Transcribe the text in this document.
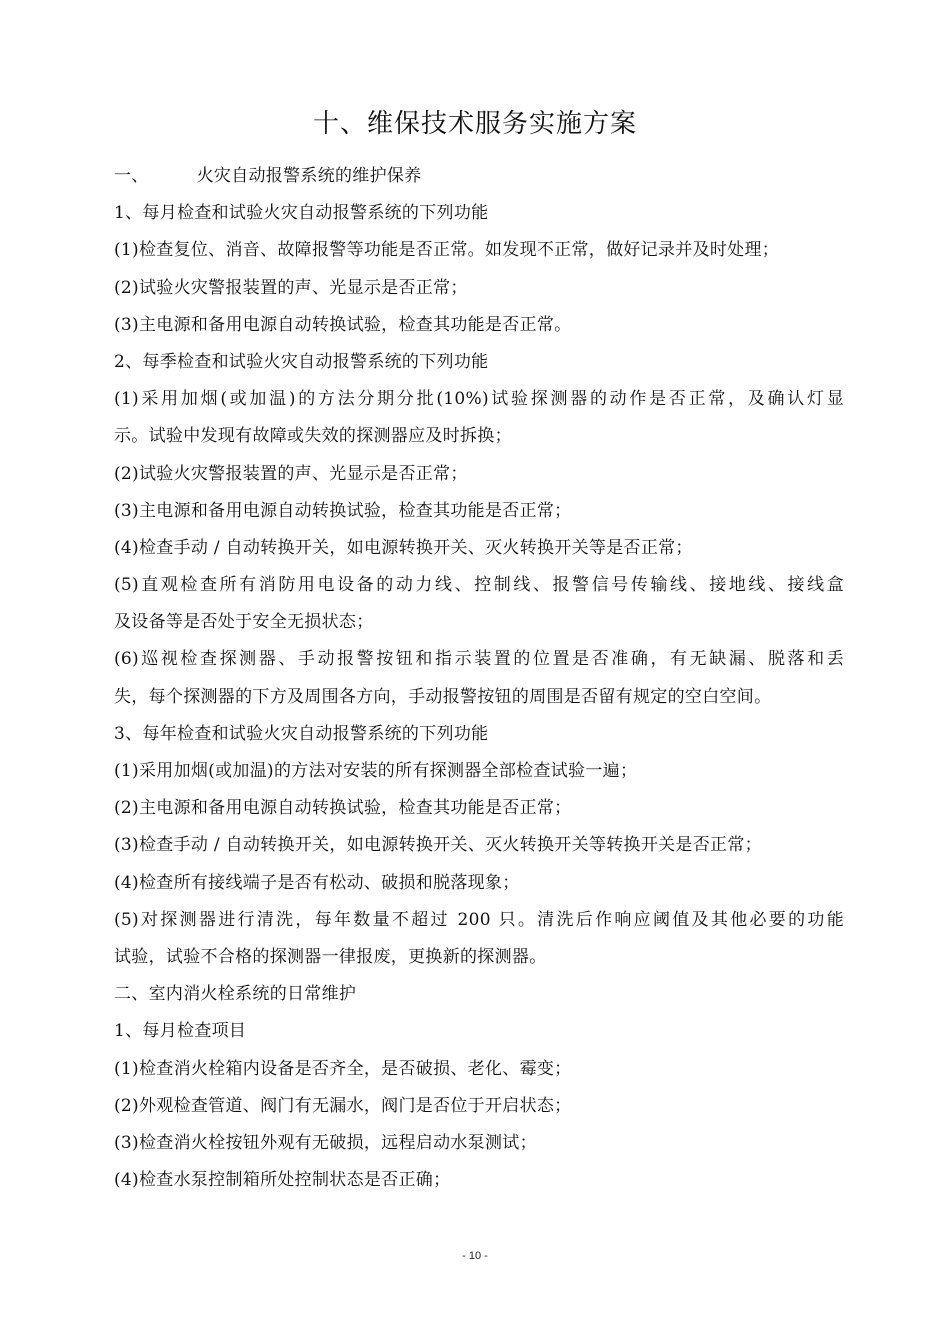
十、维保技术服务实施方案
一、	火灾自动报警系统的维护保养
1、每月检查和试验火灾自动报警系统的下列功能
(1)检查复位、消音、故障报警等功能是否正常。如发现不正常，做好记录并及时处理；
(2)试验火灾警报装置的声、光显示是否正常；
(3)主电源和备用电源自动转换试验，检查其功能是否正常。
2、每季检查和试验火灾自动报警系统的下列功能
(1)采用加烟(或加温)的方法分期分批(10%)试验探测器的动作是否正常，及确认灯显
示。试验中发现有故障或失效的探测器应及时拆换；
(2)试验火灾警报装置的声、光显示是否正常；
(3)主电源和备用电源自动转换试验，检查其功能是否正常；
(4)检查手动 / 自动转换开关，如电源转换开关、灭火转换开关等是否正常；
(5)直观检查所有消防用电设备的动力线、控制线、报警信号传输线、接地线、接线盒
及设备等是否处于安全无损状态；
(6)巡视检查探测器、手动报警按钮和指示装置的位置是否准确，有无缺漏、脱落和丢
失，每个探测器的下方及周围各方向，手动报警按钮的周围是否留有规定的空白空间。
3、每年检查和试验火灾自动报警系统的下列功能
(1)采用加烟(或加温)的方法对安装的所有探测器全部检查试验一遍；
(2)主电源和备用电源自动转换试验，检查其功能是否正常；
(3)检查手动 / 自动转换开关，如电源转换开关、灭火转换开关等转换开关是否正常；
(4)检查所有接线端子是否有松动、破损和脱落现象；
(5)对探测器进行清洗，每年数量不超过 200 只。清洗后作响应阈值及其他必要的功能
试验，试验不合格的探测器一律报废，更换新的探测器。
二、室内消火栓系统的日常维护
1、每月检查项目
(1)检查消火栓箱内设备是否齐全，是否破损、老化、霉变；
(2)外观检查管道、阀门有无漏水，阀门是否位于开启状态；
(3)检查消火栓按钮外观有无破损，远程启动水泵测试；
(4)检查水泵控制箱所处控制状态是否正确；
- 10 -
